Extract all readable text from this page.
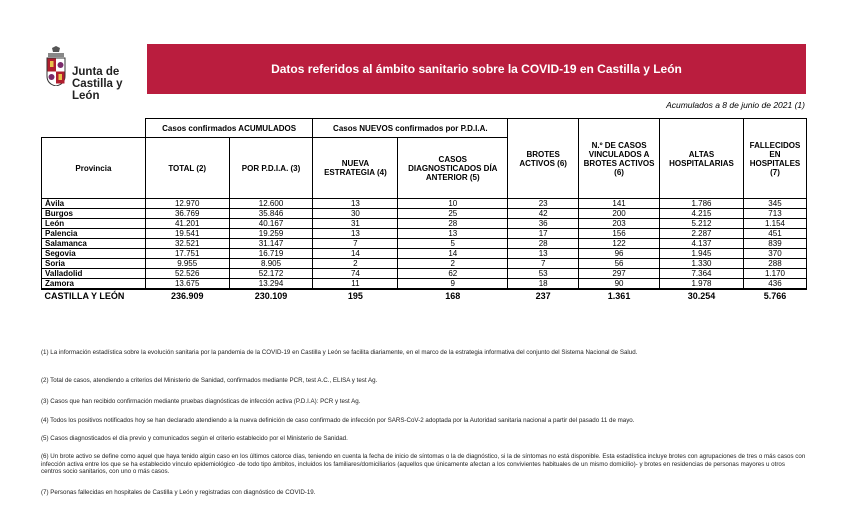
Junta de
Castilla y León
Datos referidos al ámbito sanitario sobre la COVID-19 en Castilla y León
Acumulados a 8 de junio de 2021 (1)
	Casos confirmados ACUMULADOS		Casos NUEVOS confirmados por P.D.I.A.		BROTES ACTIVOS (6)	N.º DE CASOS VINCULADOS A BROTES ACTIVOS (6)	ALTAS HOSPITALARIAS	FALLECIDOS EN HOSPITALES (7)
Provincia	TOTAL (2)	POR P.D.I.A. (3)	NUEVA ESTRATEGIA (4)	CASOS DIAGNOSTICADOS DÍA ANTERIOR (5)				
Ávila	12.970	12.600	13	10	23	141	1.786	345
Burgos	36.769	35.846	30	25	42	200	4.215	713
León	41.201	40.167	31	28	36	203	5.212	1.154
Palencia	19.541	19.259	13	13	17	156	2.287	451
Salamanca	32.521	31.147	7	5	28	122	4.137	839
Segovia	17.751	16.719	14	14	13	96	1.945	370
Soria	9.955	8.905	2	2	7	56	1.330	288
Valladolid	52.526	52.172	74	62	53	297	7.364	1.170
Zamora	13.675	13.294	11	9	18	90	1.978	436
CASTILLA Y LEÓN	236.909	230.109	195	168	237	1.361	30.254	5.766

(1) La información estadística sobre la evolución sanitaria por la pandemia de la COVID-19 en Castilla y León se facilita diariamente, en el marco de la estrategia informativa del conjunto del Sistema Nacional de Salud.

(2) Total de casos, atendiendo a criterios del Ministerio de Sanidad, confirmados mediante PCR, test A.C., ELISA y test Ag.

(3) Casos que han recibido confirmación mediante pruebas diagnósticas de infección activa (P.D.I.A): PCR y test Ag.

(4) Todos los positivos notificados hoy se han declarado atendiendo a la nueva definición de caso confirmado de infección por SARS-CoV-2 adoptada por la Autoridad sanitaria nacional a partir del pasado 11 de mayo.

(5) Casos diagnosticados el día previo y comunicados según el criterio establecido por el Ministerio de Sanidad.

(6) Un brote activo se define como aquel que haya tenido algún caso en los últimos catorce días, teniendo en cuenta la fecha de inicio de síntomas o la de diagnóstico, si la de síntomas no está disponible. Esta estadística incluye brotes con agrupaciones de tres o más casos con infección activa entre los que se ha establecido vínculo epidemiológico -de todo tipo ámbitos, incluidos los familiares/domiciliarios (aquellos que únicamente afectan a los convivientes habituales de un mismo domicilio)- y brotes en residencias de personas mayores u otros centros socio sanitarios, con uno o más casos.

(7) Personas fallecidas en hospitales de Castilla y León y registradas con diagnóstico de COVID-19.
